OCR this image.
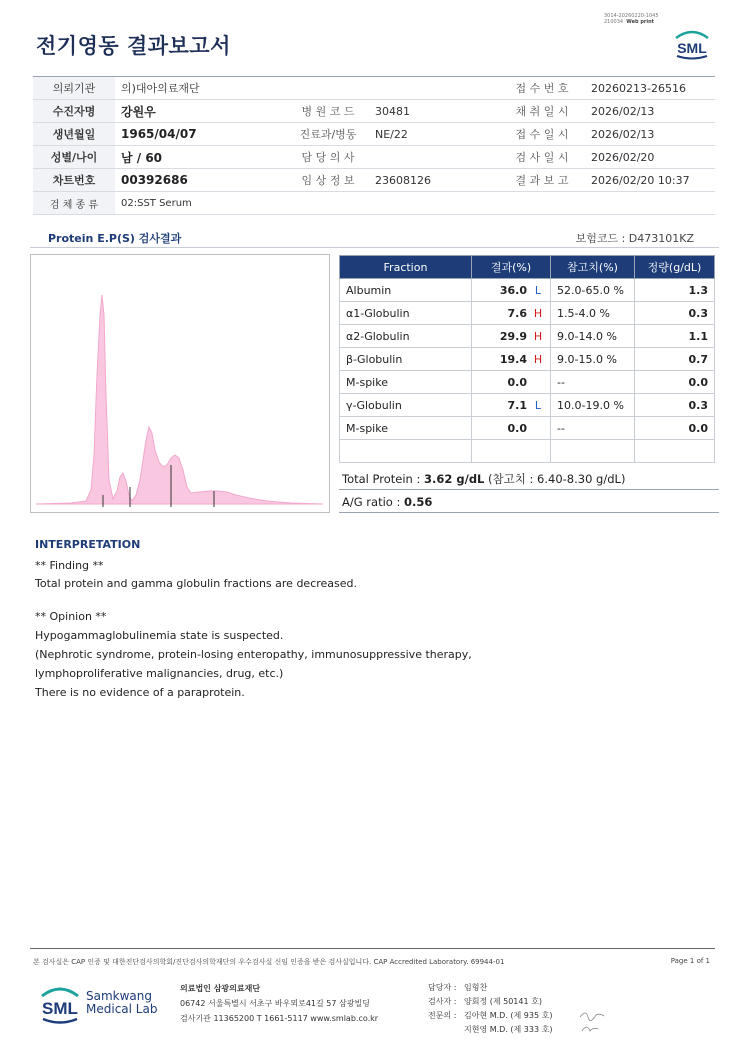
전기영동 결과보고서
3014-20260220-1045
210034 Web print
SML
의뢰기관	의)대아의료재단			접 수 번 호	20260213-26516
수진자명	강원우	병 원 코 드	30481	채 취 일 시	2026/02/13
생년월일	1965/04/07	진료과/병동	NE/22	접 수 일 시	2026/02/13
성별/나이	남 / 60	담 당 의 사		검 사 일 시	2026/02/20
차트번호	00392686	임 상 정 보	23608126	결 과 보 고	2026/02/20 10:37
검 체 종 류	02:SST Serum				
Protein E.P(S) 검사결과	보험코드 : D473101KZ
Fraction	결과(%)	참고치(%)	정량(g/dL)
Albumin	36.0 L	52.0-65.0 %	1.3
α1-Globulin	7.6 H	1.5-4.0 %	0.3
α2-Globulin	29.9 H	9.0-14.0 %	1.1
β-Globulin	19.4 H	9.0-15.0 %	0.7
M-spike	0.0	--	0.0
γ-Globulin	7.1 L	10.0-19.0 %	0.3
M-spike	0.0	--	0.0

Total Protein : 3.62 g/dL (참고치 : 6.40-8.30 g/dL)
A/G ratio : 0.56
INTERPRETATION
** Finding **
Total protein and gamma globulin fractions are decreased.
** Opinion **
Hypogammaglobulinemia state is suspected.
(Nephrotic syndrome, protein-losing enteropathy, immunosuppressive therapy,
lymphoproliferative malignancies, drug, etc.)
There is no evidence of a paraprotein.
본 검사실은 CAP 인증 및 대한진단검사의학회/진단검사의학재단의 우수검사실 신임 인증을 받은 검사실입니다. CAP Accredited Laboratory. 69944-01	Page 1 of 1
SML
Samkwang
Medical Lab
의료법인 삼광의료재단
06742 서울특별시 서초구 바우뫼로41길 57 삼광빌딩
검사기관 11365200 T 1661-5117 www.smlab.co.kr
담당자 : 임형찬
검사자 : 양회정 (제 50141 호)
전문의 : 김아현 M.D. (제 935 호)
지현영 M.D. (제 333 호)
